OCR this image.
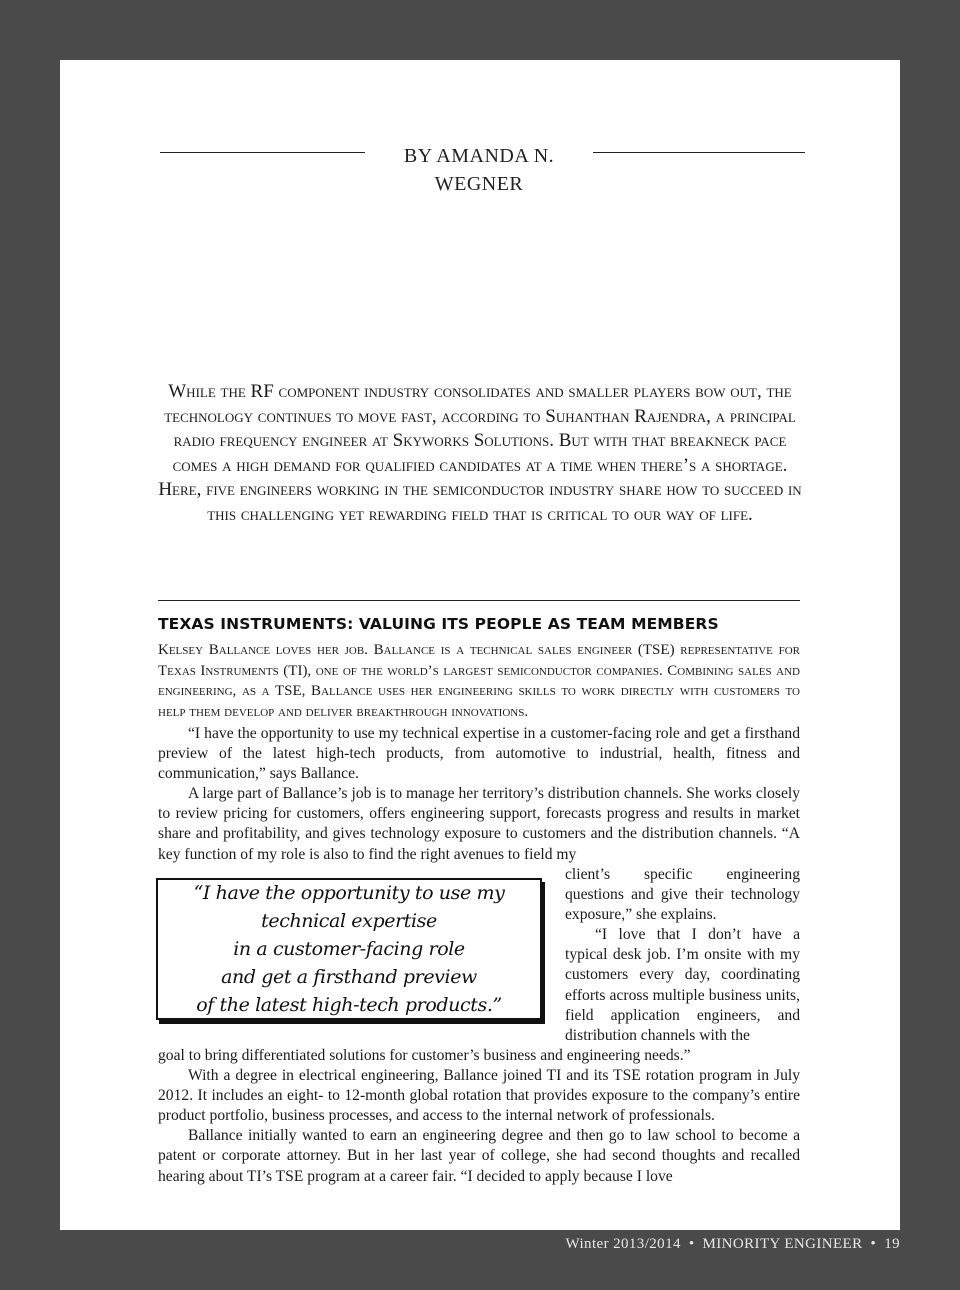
BY AMANDA N.
WEGNER

While the RF component industry consolidates and smaller players bow out, the technology continues to move fast, according to Suhanthan Rajendra, a principal radio frequency engineer at Skyworks Solutions. But with that breakneck pace comes a high demand for qualified candidates at a time when there’s a shortage. Here, five engineers working in the semiconductor industry share how to succeed in this challenging yet rewarding field that is critical to our way of life.

TEXAS INSTRUMENTS: VALUING ITS PEOPLE AS TEAM MEMBERS

Kelsey Ballance loves her job. Ballance is a technical sales engineer (TSE) representative for Texas Instruments (TI), one of the world’s largest semiconductor companies. Combining sales and engineering, as a TSE, Ballance uses her engineering skills to work directly with customers to help them develop and deliver breakthrough innovations.

“I have the opportunity to use my technical expertise in a customer-facing role and get a firsthand preview of the latest high-tech products, from automotive to industrial, health, fitness and communication,” says Ballance.

A large part of Ballance’s job is to manage her territory’s distribution channels. She works closely to review pricing for customers, offers engineering support, forecasts progress and results in market share and profitability, and gives technology exposure to customers and the distribution channels. “A key function of my role is also to find the right avenues to field my

“I have the opportunity to use my technical expertise
in a customer-facing role
and get a firsthand preview
of the latest high-tech products.”

client’s specific engineering questions and give their technology exposure,” she explains.

“I love that I don’t have a typical desk job. I’m onsite with my customers every day, coordinating efforts across multiple business units, field application engineers, and distribution channels with the

goal to bring differentiated solutions for customer’s business and engineering needs.”

With a degree in electrical engineering, Ballance joined TI and its TSE rotation program in July 2012. It includes an eight- to 12-month global rotation that provides exposure to the company’s entire product portfolio, business processes, and access to the internal network of professionals.

Ballance initially wanted to earn an engineering degree and then go to law school to become a patent or corporate attorney. But in her last year of college, she had second thoughts and recalled hearing about TI’s TSE program at a career fair. “I decided to apply because I love

Winter 2013/2014 • MINORITY ENGINEER • 19
